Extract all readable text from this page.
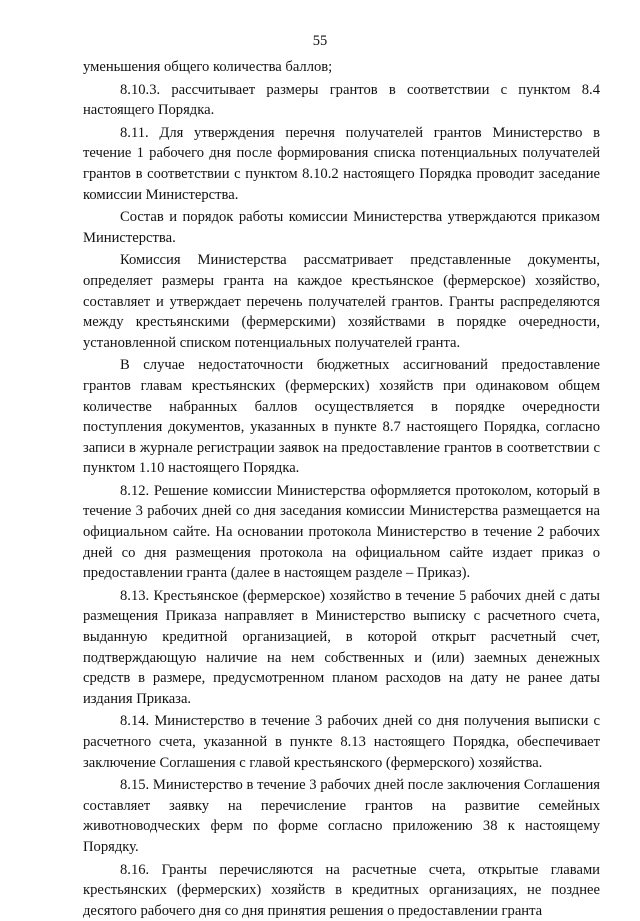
55

уменьшения общего количества баллов;

8.10.3. рассчитывает размеры грантов в соответствии с пунктом 8.4 настоящего Порядка.

8.11. Для утверждения перечня получателей грантов Министерство в течение 1 рабочего дня после формирования списка потенциальных получателей грантов в соответствии с пунктом 8.10.2 настоящего Порядка проводит заседание комиссии Министерства.

Состав и порядок работы комиссии Министерства утверждаются приказом Министерства.

Комиссия Министерства рассматривает представленные документы, определяет размеры гранта на каждое крестьянское (фермерское) хозяйство, составляет и утверждает перечень получателей грантов. Гранты распределяются между крестьянскими (фермерскими) хозяйствами в порядке очередности, установленной списком потенциальных получателей гранта.

В случае недостаточности бюджетных ассигнований предоставление грантов главам крестьянских (фермерских) хозяйств при одинаковом общем количестве набранных баллов осуществляется в порядке очередности поступления документов, указанных в пункте 8.7 настоящего Порядка, согласно записи в журнале регистрации заявок на предоставление грантов в соответствии с пунктом 1.10 настоящего Порядка.

8.12. Решение комиссии Министерства оформляется протоколом, который в течение 3 рабочих дней со дня заседания комиссии Министерства размещается на официальном сайте. На основании протокола Министерство в течение 2 рабочих дней со дня размещения протокола на официальном сайте издает приказ о предоставлении гранта (далее в настоящем разделе – Приказ).

8.13. Крестьянское (фермерское) хозяйство в течение 5 рабочих дней с даты размещения Приказа направляет в Министерство выписку с расчетного счета, выданную кредитной организацией, в которой открыт расчетный счет, подтверждающую наличие на нем собственных и (или) заемных денежных средств в размере, предусмотренном планом расходов на дату не ранее даты издания Приказа.

8.14. Министерство в течение 3 рабочих дней со дня получения выписки с расчетного счета, указанной в пункте 8.13 настоящего Порядка, обеспечивает заключение Соглашения с главой крестьянского (фермерского) хозяйства.

8.15. Министерство в течение 3 рабочих дней после заключения Соглашения составляет заявку на перечисление грантов на развитие семейных животноводческих ферм по форме согласно приложению 38 к настоящему Порядку.

8.16. Гранты перечисляются на расчетные счета, открытые главами крестьянских (фермерских) хозяйств в кредитных организациях, не позднее десятого рабочего дня со дня принятия решения о предоставлении гранта
